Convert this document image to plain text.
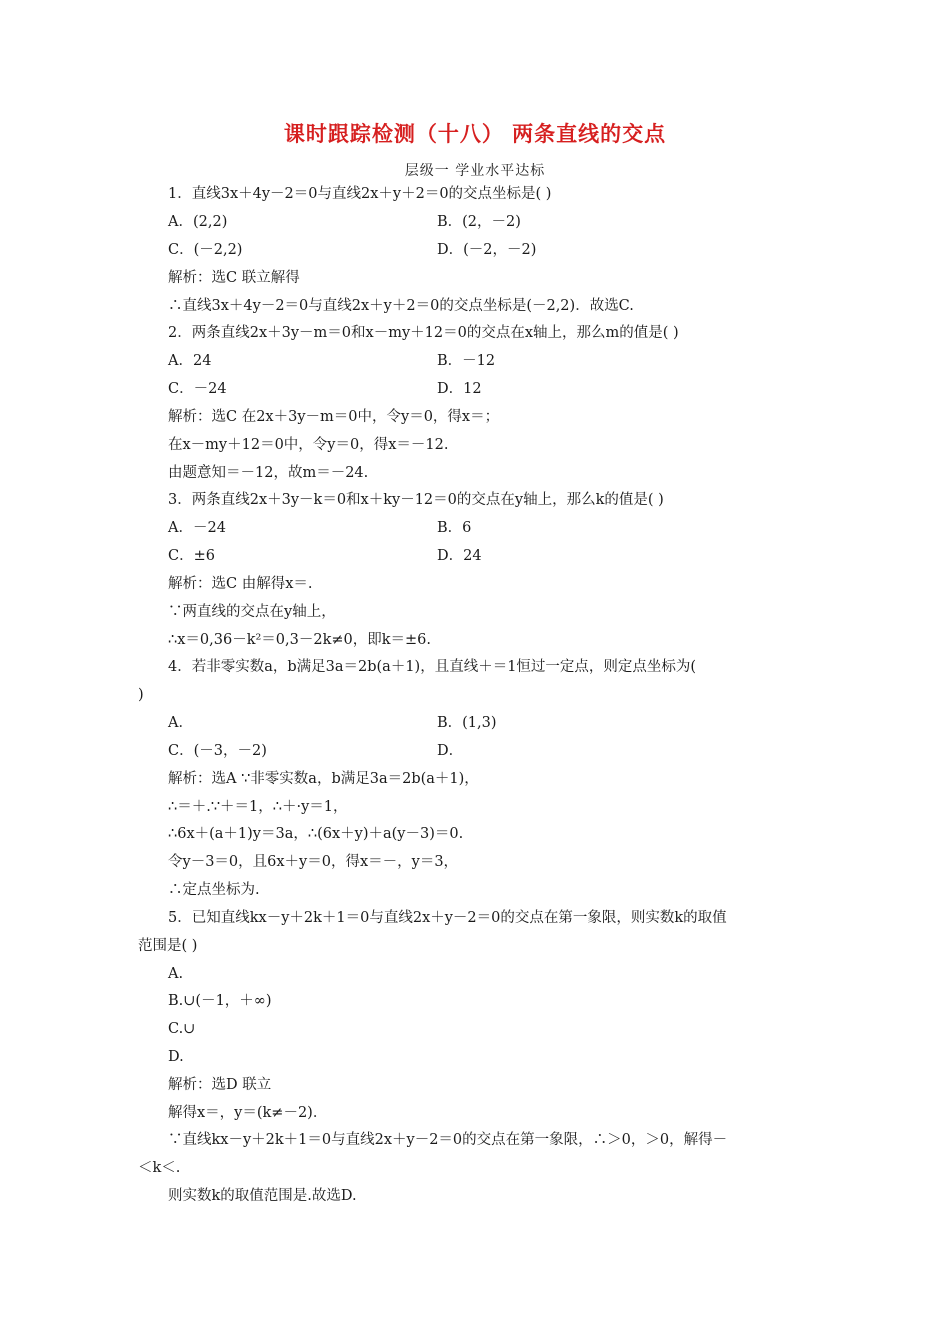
课时跟踪检测（十八） 两条直线的交点
层级一 学业水平达标
1．直线3x＋4y－2＝0与直线2x＋y＋2＝0的交点坐标是( )
A．(2,2)	B．(2，－2)
C．(－2,2)	D．(－2，－2)
解析：选C 联立解得
∴直线3x＋4y－2＝0与直线2x＋y＋2＝0的交点坐标是(－2,2)．故选C.
2．两条直线2x＋3y－m＝0和x－my＋12＝0的交点在x轴上，那么m的值是( )
A．24	B．－12
C．－24	D．12
解析：选C 在2x＋3y－m＝0中，令y＝0，得x＝；
在x－my＋12＝0中，令y＝0，得x＝－12.
由题意知＝－12，故m＝－24.
3．两条直线2x＋3y－k＝0和x＋ky－12＝0的交点在y轴上，那么k的值是( )
A．－24	B．6
C．±6	D．24
解析：选C 由解得x＝.
∵两直线的交点在y轴上，
∴x＝0,36－k²＝0,3－2k≠0，即k＝±6.
4．若非零实数a，b满足3a＝2b(a＋1)，且直线＋＝1恒过一定点，则定点坐标为(
)
A．	B．(1,3)
C．(－3，－2)	D．
解析：选A ∵非零实数a，b满足3a＝2b(a＋1)，
∴＝＋.∵＋＝1，∴＋·y＝1，
∴6x＋(a＋1)y＝3a，∴(6x＋y)＋a(y－3)＝0.
令y－3＝0，且6x＋y＝0，得x＝－，y＝3，
∴定点坐标为.
5．已知直线kx－y＋2k＋1＝0与直线2x＋y－2＝0的交点在第一象限，则实数k的取值
范围是( )
A.
B.∪(－1，＋∞)
C.∪
D.
解析：选D 联立
解得x＝，y＝(k≠－2)．
∵直线kx－y＋2k＋1＝0与直线2x＋y－2＝0的交点在第一象限，∴＞0，＞0，解得－
＜k＜.
则实数k的取值范围是.故选D.
